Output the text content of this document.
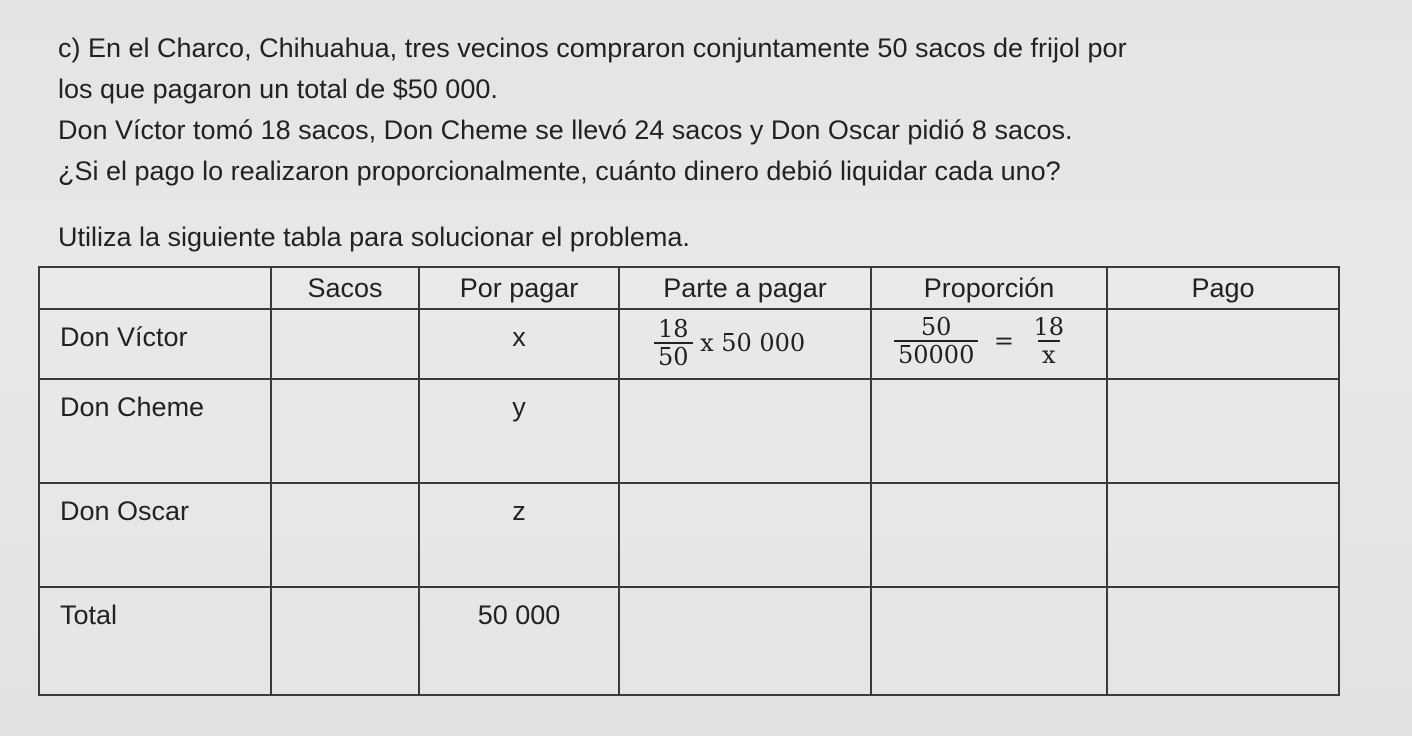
c) En el Charco, Chihuahua, tres vecinos compraron conjuntamente 50 sacos de frijol por

los que pagaron un total de $50 000.

Don Víctor tomó 18 sacos, Don Cheme se llevó 24 sacos y Don Oscar pidió 8 sacos.

¿Si el pago lo realizaron proporcionalmente, cuánto dinero debió liquidar cada uno?

Utiliza la siguiente tabla para solucionar el problema.

	Sacos	Por pagar	Parte a pagar	Proporción	Pago
Don Víctor		x	$\frac{18}{50}$ x 50 000	$\frac{50}{50000} = \frac{18}{x}$

Don Cheme		y			
Don Oscar		z			
Total		50 000			
